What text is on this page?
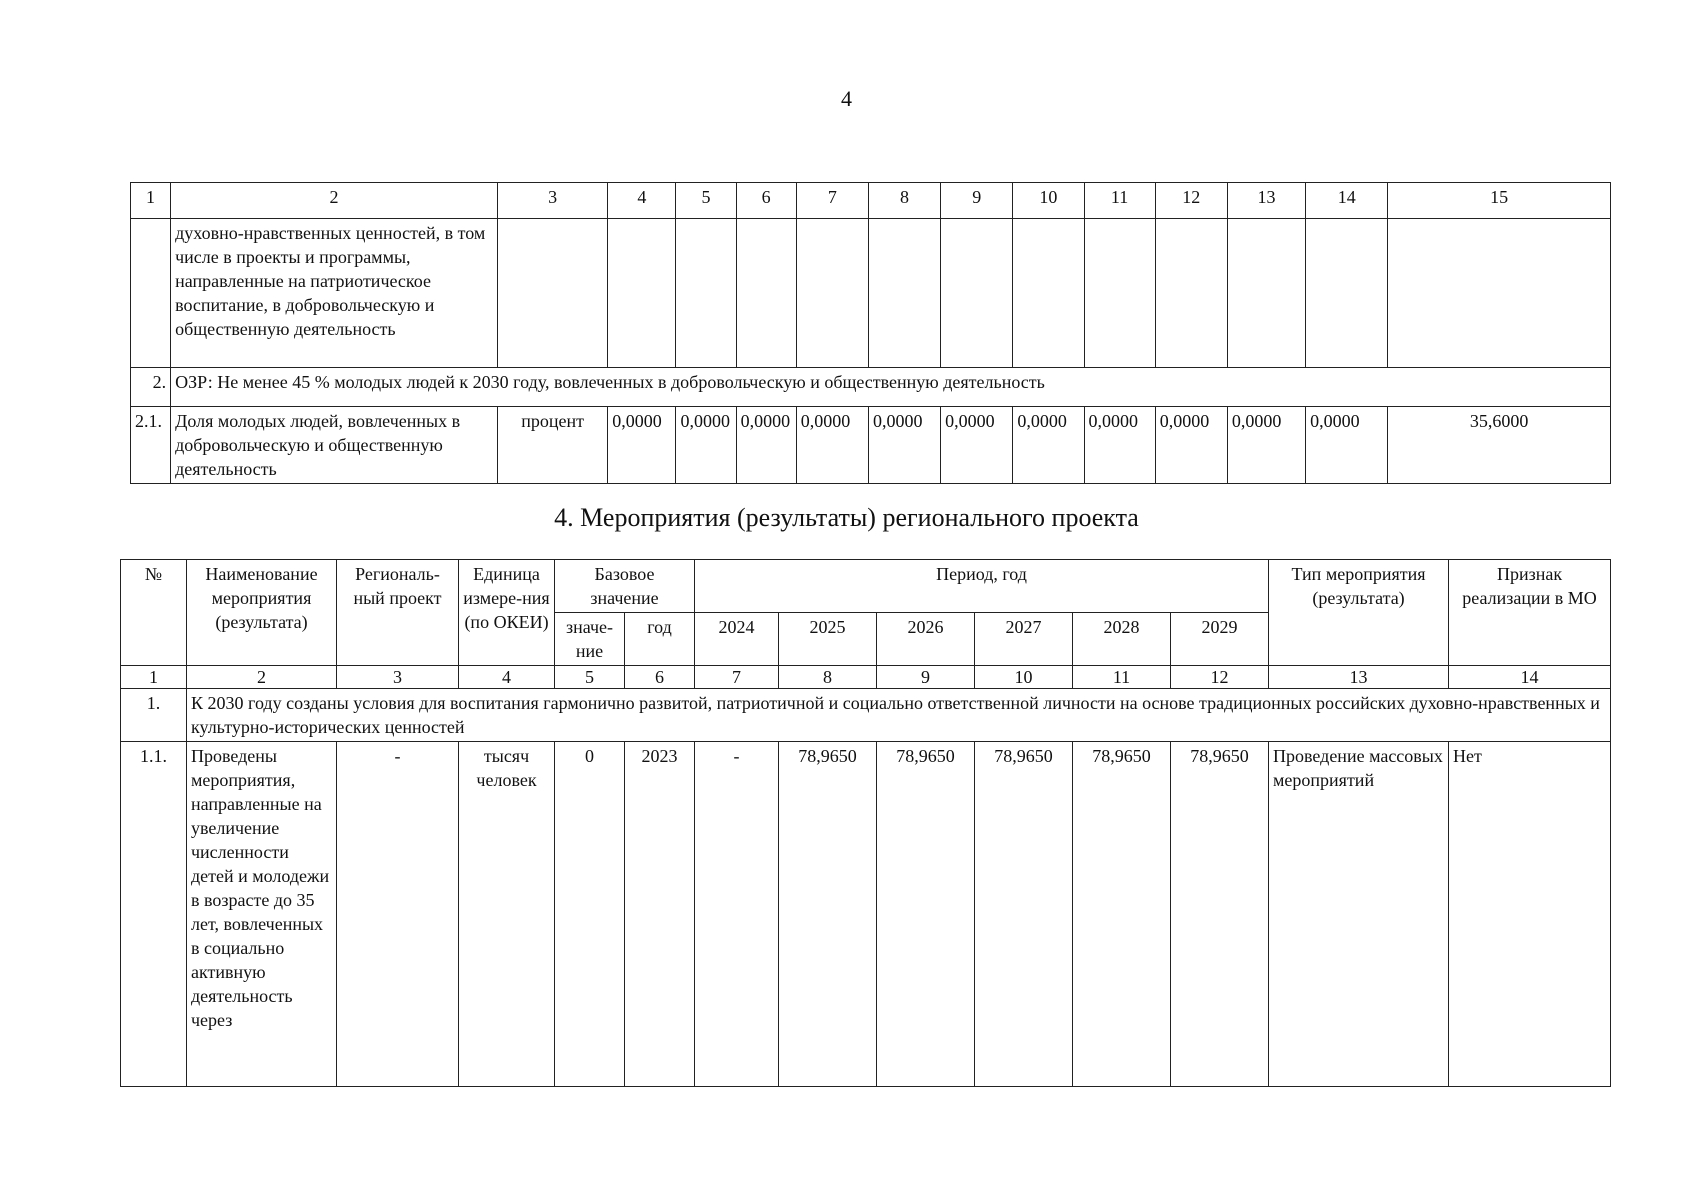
4
1	2	3	4	5	6	7	8	9	10	11	12	13	14	15
	духовно-нравственных ценностей, в том числе в проекты и программы, направленные на патриотическое воспитание, в добровольческую и общественную деятельность													
2.	ОЗР: Не менее 45 % молодых людей к 2030 году, вовлеченных в добровольческую и общественную деятельность													
2.1.	Доля молодых людей, вовлеченных в добровольческую и общественную деятельность	процент	0,0000	0,0000	0,0000	0,0000	0,0000	0,0000	0,0000	0,0000	0,0000	0,0000	0,0000	35,6000
4. Мероприятия (результаты) регионального проекта
№	Наименование мероприятия (результата)	Региональ-ный проект	Единица измере-ния (по ОКЕИ)	Базовое значение		Период, год						Тип мероприятия (результата)	Признак реализации в МО
				значе-ние	год	2024	2025	2026	2027	2028	2029		
1	2	3	4	5	6	7	8	9	10	11	12	13	14
1.	К 2030 году созданы условия для воспитания гармонично развитой, патриотичной и социально ответственной личности на основе традиционных российских духовно-нравственных и культурно-исторических ценностей												
1.1.	Проведены мероприятия, направленные на увеличение численности детей и молодежи в возрасте до 35 лет, вовлеченных в социально активную деятельность через	-	тысяч человек	0	2023	-	78,9650	78,9650	78,9650	78,9650	78,9650	Проведение массовых мероприятий	Нет
